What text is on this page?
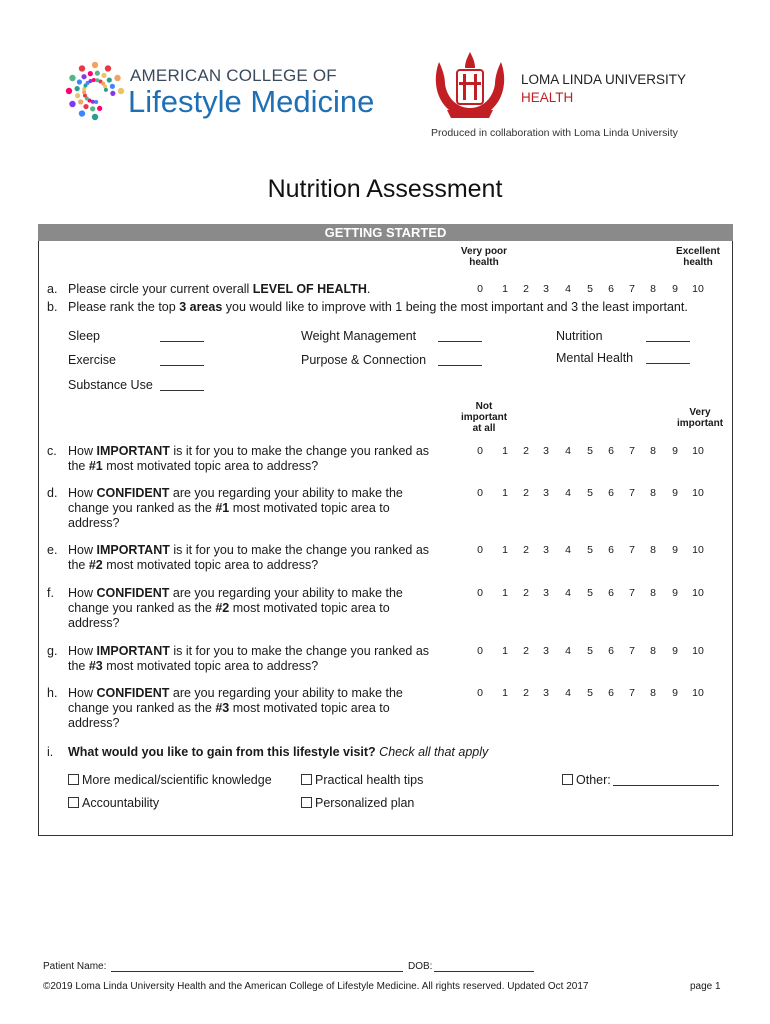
AMERICAN COLLEGE OF
Lifestyle Medicine
LOMA LINDA UNIVERSITY
HEALTH
Produced in collaboration with Loma Linda University
Nutrition Assessment
GETTING STARTED
Very poor
health
Excellent
health
a. Please circle your current overall LEVEL OF HEALTH.	0	1	2	3	4	5	6	7	8	9	10
b. Please rank the top 3 areas you would like to improve with 1 being the most important and 3 the least important.
Sleep	Weight Management	Nutrition
Exercise	Purpose & Connection	Mental Health
Substance Use
Not
important
at all
Very
important
c. How IMPORTANT is it for you to make the change you ranked as
the #1 most motivated topic area to address?
0	1	2	3	4	5	6	7	8	9	10
d. How CONFIDENT are you regarding your ability to make the
change you ranked as the #1 most motivated topic area to
address?
0	1	2	3	4	5	6	7	8	9	10
e. How IMPORTANT is it for you to make the change you ranked as
the #2 most motivated topic area to address?
0	1	2	3	4	5	6	7	8	9	10
f. How CONFIDENT are you regarding your ability to make the
change you ranked as the #2 most motivated topic area to
address?
0	1	2	3	4	5	6	7	8	9	10
g. How IMPORTANT is it for you to make the change you ranked as
the #3 most motivated topic area to address?
0	1	2	3	4	5	6	7	8	9	10
h. How CONFIDENT are you regarding your ability to make the
change you ranked as the #3 most motivated topic area to
address?
0	1	2	3	4	5	6	7	8	9	10
i. What would you like to gain from this lifestyle visit? Check all that apply
More medical/scientific knowledge	Practical health tips	Other:
Accountability	Personalized plan
Patient Name:	DOB:
©2019 Loma Linda University Health and the American College of Lifestyle Medicine. All rights reserved. Updated Oct 2017	page 1
